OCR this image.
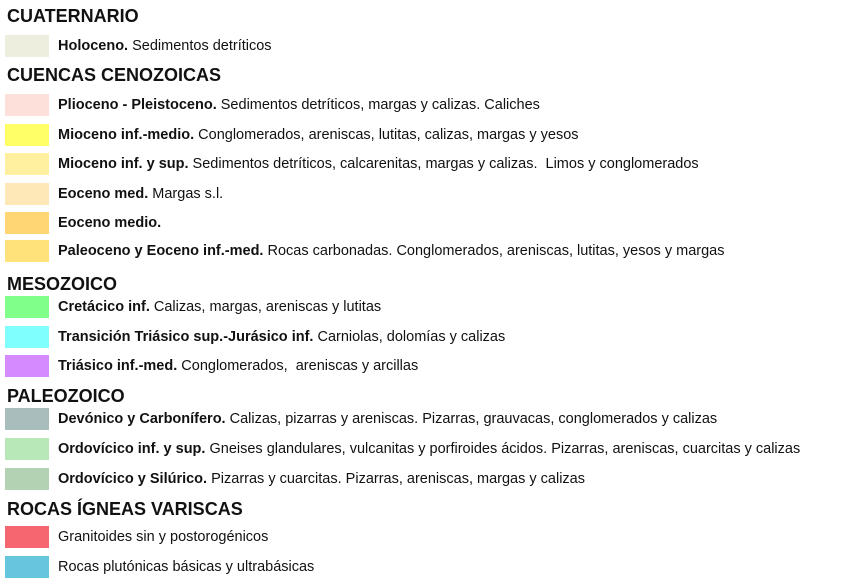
CUATERNARIO
Holoceno. Sedimentos detríticos
CUENCAS CENOZOICAS
Plioceno - Pleistoceno. Sedimentos detríticos, margas y calizas. Caliches
Mioceno inf.-medio. Conglomerados, areniscas, lutitas, calizas, margas y yesos
Mioceno inf. y sup. Sedimentos detríticos, calcarenitas, margas y calizas.  Limos y conglomerados
Eoceno med. Margas s.l.
Eoceno medio.
Paleoceno y Eoceno inf.-med. Rocas carbonadas. Conglomerados, areniscas, lutitas, yesos y margas
MESOZOICO
Cretácico inf. Calizas, margas, areniscas y lutitas
Transición Triásico sup.-Jurásico inf. Carniolas, dolomías y calizas
Triásico inf.-med. Conglomerados,  areniscas y arcillas
PALEOZOICO
Devónico y Carbonífero. Calizas, pizarras y areniscas. Pizarras, grauvacas, conglomerados y calizas
Ordovícico inf. y sup. Gneises glandulares, vulcanitas y porfiroides ácidos. Pizarras, areniscas, cuarcitas y calizas
Ordovícico y Silúrico. Pizarras y cuarcitas. Pizarras, areniscas, margas y calizas
ROCAS ÍGNEAS VARISCAS
Granitoides sin y postorogénicos
Rocas plutónicas básicas y ultrabásicas
